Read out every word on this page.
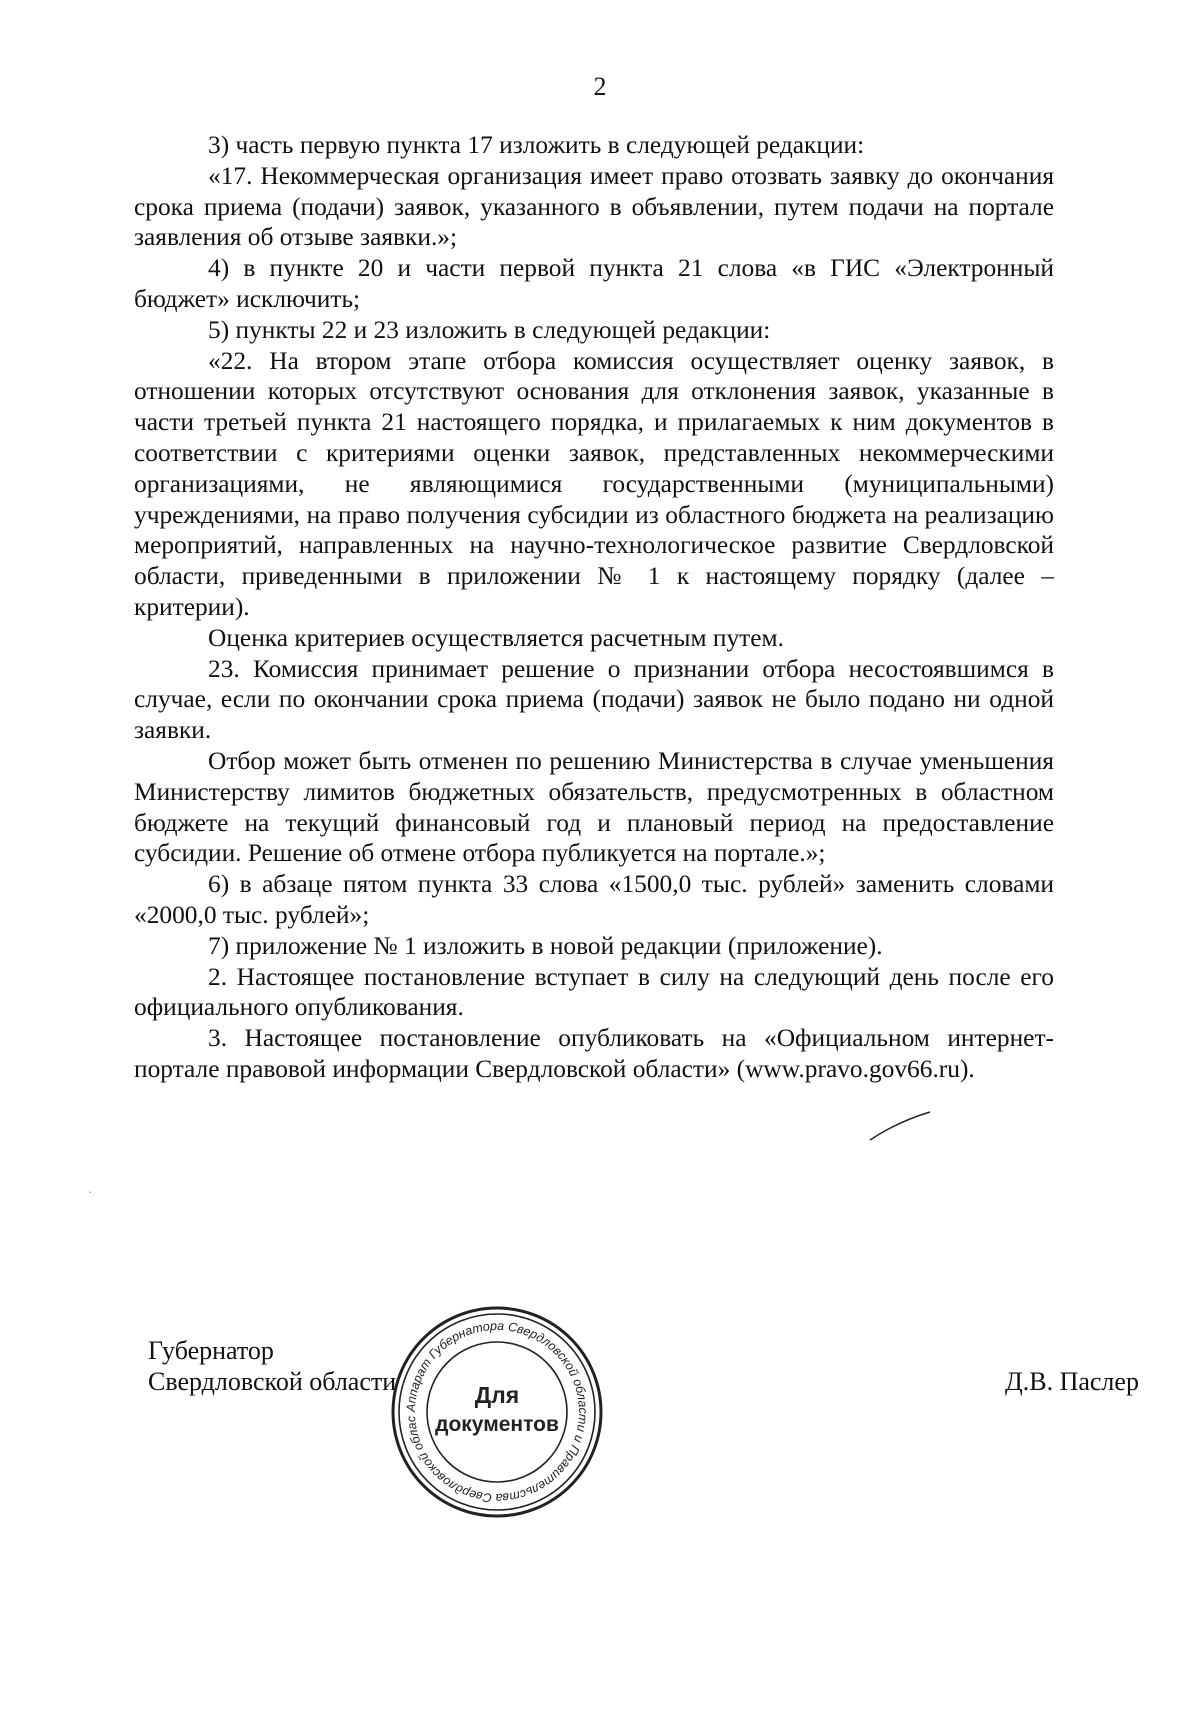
2

3) часть первую пункта 17 изложить в следующей редакции:

«17. Некоммерческая организация имеет право отозвать заявку до окончания срока приема (подачи) заявок, указанного в объявлении, путем подачи на портале заявления об отзыве заявки.»;

4) в пункте 20 и части первой пункта 21 слова «в ГИС «Электронный бюджет» исключить;

5) пункты 22 и 23 изложить в следующей редакции:

«22. На втором этапе отбора комиссия осуществляет оценку заявок, в отношении которых отсутствуют основания для отклонения заявок, указанные в части третьей пункта 21 настоящего порядка, и прилагаемых к ним документов в соответствии с критериями оценки заявок, представленных некоммерческими организациями, не являющимися государственными (муниципальными) учреждениями, на право получения субсидии из областного бюджета на реализацию мероприятий, направленных на научно-технологическое развитие Свердловской области, приведенными в приложении № 1 к настоящему порядку (далее – критерии).

Оценка критериев осуществляется расчетным путем.

23. Комиссия принимает решение о признании отбора несостоявшимся в случае, если по окончании срока приема (подачи) заявок не было подано ни одной заявки.

Отбор может быть отменен по решению Министерства в случае уменьшения Министерству лимитов бюджетных обязательств, предусмотренных в областном бюджете на текущий финансовый год и плановый период на предоставление субсидии. Решение об отмене отбора публикуется на портале.»;

6) в абзаце пятом пункта 33 слова «1500,0 тыс. рублей» заменить словами «2000,0 тыс. рублей»;

7) приложение № 1 изложить в новой редакции (приложение).

2. Настоящее постановление вступает в силу на следующий день после его официального опубликования.

3. Настоящее постановление опубликовать на «Официальном интернет-портале правовой информации Свердловской области» (www.pravo.gov66.ru).

·
Губернатор
Свердловской области	Д.В. Паслер
Аппарат Губернатора Свердловской области и Правительства Свердловской облас
Для
документов
